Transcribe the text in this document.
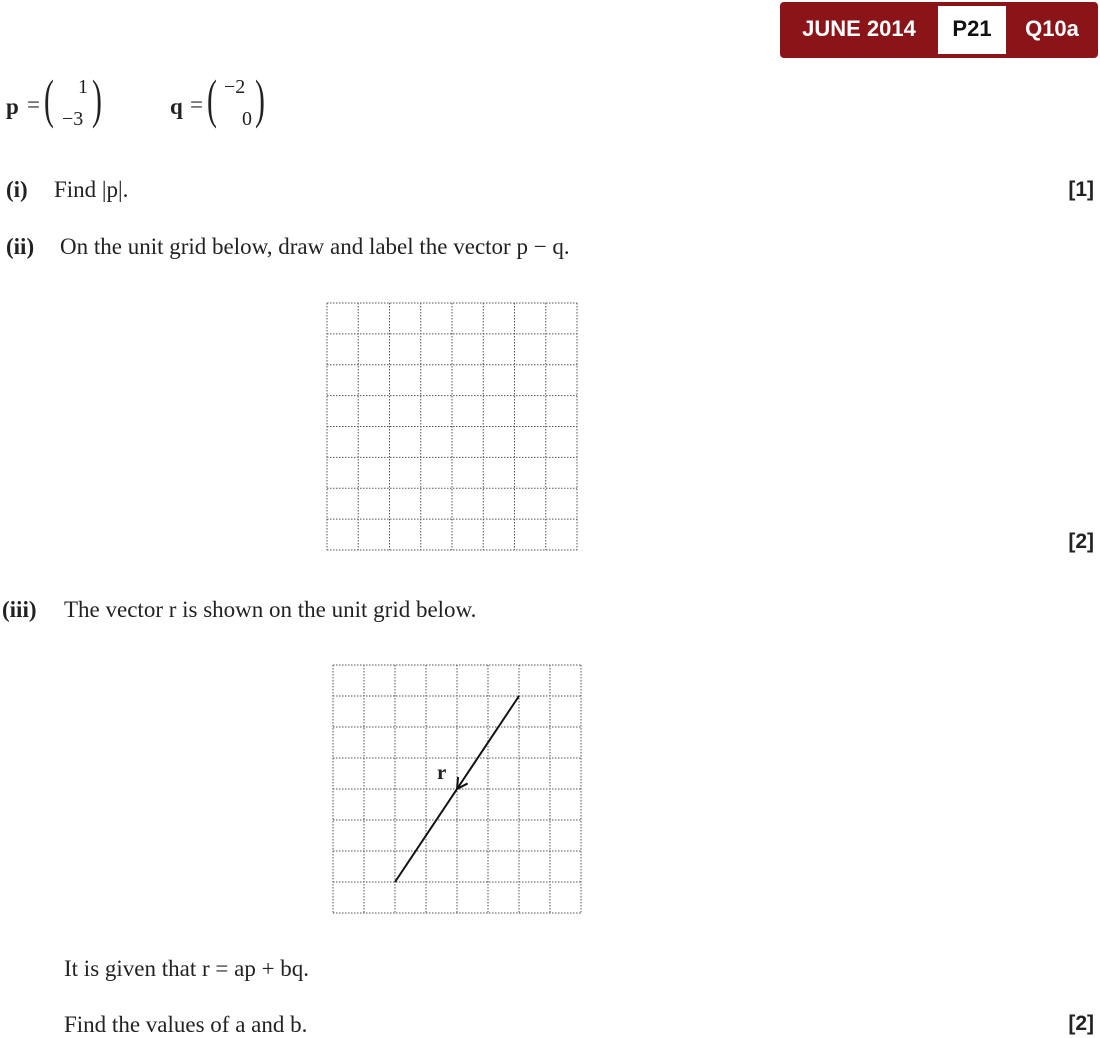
JUNE 2014	P21	Q10a
p = ( 1
−3 )	q = ( −2
0 )
(i) Find |p|.	[1]
(ii) On the unit grid below, draw and label the vector p − q.
[2]
(iii) The vector r is shown on the unit grid below.
r
It is given that r = ap + bq.
Find the values of a and b.	[2]
